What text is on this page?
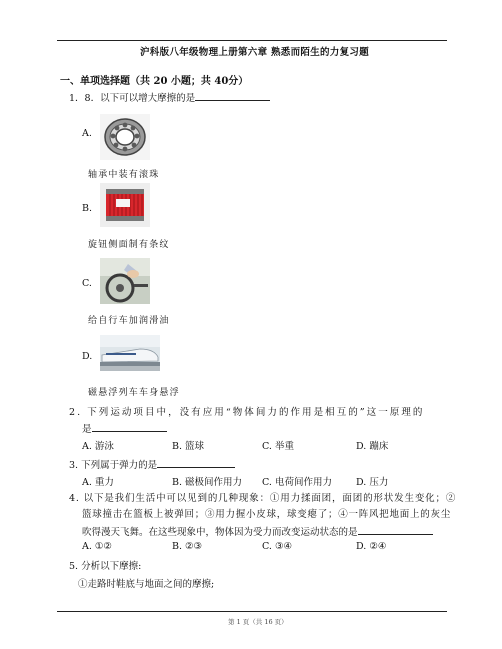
沪科版八年级物理上册第六章 熟悉而陌生的力复习题
一、单项选择题（共 20 小题；共 40分）
1．8．以下可以增大摩擦的是
A.
轴承中装有滚珠
B.
旋钮侧面制有条纹
C.
给自行车加润滑油
D.
磁悬浮列车车身悬浮
2. 下列运动项目中，没有应用“物体间力的作用是相互的”这一原理的
是
A. 游泳	B. 篮球	C. 举重	D. 蹦床
3. 下列属于弹力的是
A. 重力	B. 磁极间作用力 C. 电荷间作用力	D. 压力
4. 以下是我们生活中可以见到的几种现象：①用力揉面团，面团的形状发生变化；②
篮球撞击在篮板上被弹回；③用力握小皮球，球变瘪了；④一阵风把地面上的灰尘
吹得漫天飞舞。在这些现象中，物体因为受力而改变运动状态的是
A. ①②	B. ②③	C. ③④	D. ②④
5. 分析以下摩擦:
①走路时鞋底与地面之间的摩擦;
第 1 页（共 16 页）
